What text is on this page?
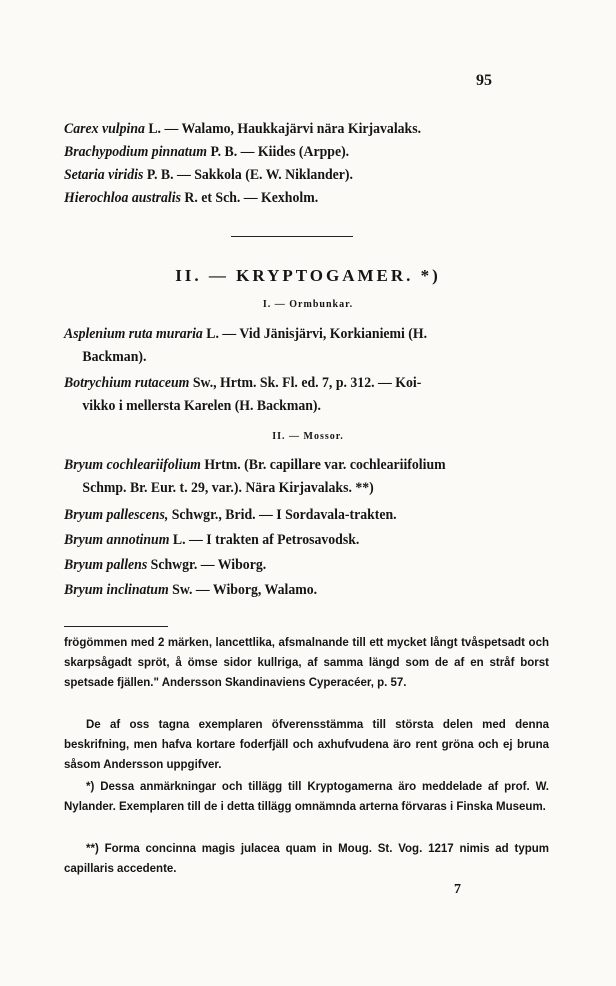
95
Carex vulpina L. — Walamo, Haukkajärvi nära Kirjavalaks.
Brachypodium pinnatum P. B. — Kiides (Arppe).
Setaria viridis P. B. — Sakkola (E. W. Niklander).
Hierochloa australis R. et Sch. — Kexholm.
II. — KRYPTOGAMER. *)
I. — Ormbunkar.
Asplenium ruta muraria L. — Vid Jänisjärvi, Korkianiemi (H.
Backman).
Botrychium rutaceum Sw., Hrtm. Sk. Fl. ed. 7, p. 312. — Koi-
vikko i mellersta Karelen (H. Backman).
II. — Mossor.
Bryum cochleariifolium Hrtm. (Br. capillare var. cochleariifolium
Schmp. Br. Eur. t. 29, var.). Nära Kirjavalaks. **)
Bryum pallescens, Schwgr., Brid. — I Sordavala-trakten.
Bryum annotinum L. — I trakten af Petrosavodsk.
Bryum pallens Schwgr. — Wiborg.
Bryum inclinatum Sw. — Wiborg, Walamo.
frögömmen med 2 märken, lancettlika, afsmalnande till ett mycket långt tvåspetsadt och skarpsågadt spröt, å ömse sidor kullriga, af samma längd som de af en stråf borst spetsade fjällen." Andersson Skandinaviens Cyperacéer, p. 57.
De af oss tagna exemplaren öfverensstämma till största delen med denna beskrifning, men hafva kortare foderfjäll och axhufvudena äro rent gröna och ej bruna såsom Andersson uppgifver.
*) Dessa anmärkningar och tillägg till Kryptogamerna äro meddelade af prof. W. Nylander. Exemplaren till de i detta tillägg omnämnda arterna förvaras i Finska Museum.
**) Forma concinna magis julacea quam in Moug. St. Vog. 1217 nimis ad typum capillaris accedente.
7
